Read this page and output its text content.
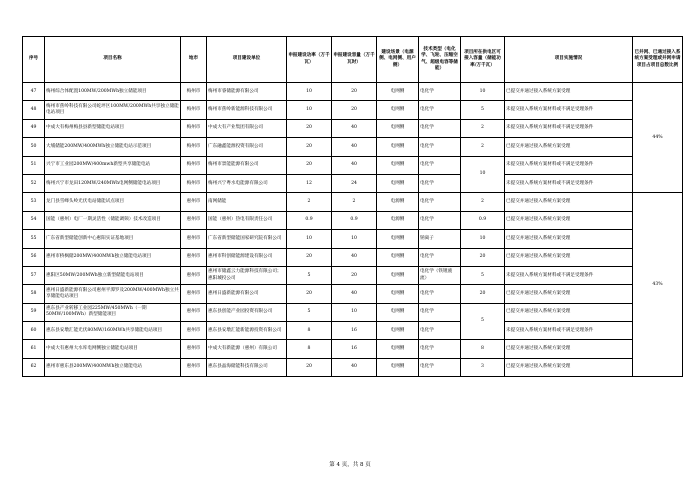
序号	项目名称	地市	项目建设单位	申报建设功率（万千瓦）	申报建设容量（万千瓦时）	建设场景（电源侧、电网侧、用户侧）	技术类型（电化学、飞轮、压缩空气、超级电容等储能）	项目所在供电区可接入容量（储能功率/万千瓦）	项目实施情况	已并网、已通过接入系统方案受理或并网申请项目占项目总数比例
47	梅州综合体配置100MW/200MWh独立储能项目	梅州市	梅州市睿储能源有限公司	10	20	电网侧	电化学	10	已提交并通过接入系统方案受理	44%
48	梅州市蕉岭科技有限公司蛇坪区100MW/200MWh共享独立储能电站项目	梅州市	梅州市蕉岭新能源科技有限公司	10	20	电网侧	电化学	5	未提交接入系统方案材料或不满足受理条件	
49	中成大有梅州梅县县新型储能电站项目	梅州市	中成大有产业集团有限公司	20	40	电网侧	电化学	2	未提交接入系统方案材料或不满足受理条件	
50	大埔储能200MW/400MWh独立储能电站示范项目	梅州市	广东融鑫能源投资有限公司	20	40	电网侧	电化学	2	已提交并通过接入系统方案受理	
51	兴宁市工业园200MW/400mwh新型共享储能电站	梅州市	梅州市景能能源有限公司	20	40	电网侧	电化学	10	未提交接入系统方案材料或不满足受理条件	
52	梅州兴宁市龙田120MW/240MWh电网侧储能电站项目	梅州市	梅州兴宁粤水电能源有限公司	12	24	电网侧	电化学		未提交接入系统方案材料或不满足受理条件	
53	龙门县雪峰头岭光伏电站储能试点项目	惠州市	南网储能	2	2	电源侧	电化学	2	已提交并通过接入系统方案受理	43%
54	国能（惠州）电厂一期灵活性（储能调频）技术改造项目	惠州市	国能（惠州）热电有限责任公司	0.9	0.9	电源侧	电化学	0.9	已提交并通过接入系统方案受理	
55	广东省新型储能创新中心惠阳实证基地项目	惠州市	广东省新型储能国家研究院有限公司	10	10	电网侧	钠离子	10	已提交并通过接入系统方案受理	
56	惠州市桥枫储200MW/400MWh独立储能电站项目	惠州市	惠州市科创储能源建设有限公司	20	40	电网侧	电化学	20	已提交并通过接入系统方案受理	
57	惠阳区50MW/200MWh独立新型储能电站项目	惠州市	惠州市储鑫云力能源科技有限公司；惠阳城投公司	5	20	电网侧	电化学（铁锂液流）	5	未提交接入系统方案材料或不满足受理条件	
58	惠州日盛新能源有限公司惠州平潭罗及200MW/400MWh独立共享储能电站项目	惠州市	惠州日盛新能源有限公司	20	40	电网侧	电化学	20	已提交并通过接入系统方案受理	
59	惠东县产业转移工业园225MW/450MWh（一期50MW/100MWh）新型储能项目	惠州市	惠东县创能产业园投资有限公司	5	10	电网侧	电化学	5	已提交并通过接入系统方案受理	
60	惠东县安墩汇能光伏80MW/160MWh共享储能电站项目	惠州市	惠东县安墩汇能新能源投资有限公司	8	16	电网侧	电化学		未提交接入系统方案材料或不满足受理条件	
61	中成大有惠州大水库电网侧独立储能电站项目	惠州市	中成大有新能源（惠州）有限公司	8	16	电网侧	电化学	8	已提交并通过接入系统方案受理	
62	惠州市惠东县200MW/400MWh独立储能电站	惠州市	惠东县晶海储能科技有限公司	20	40	电网侧	电化学	3	已提交并通过接入系统方案受理	
第 4 页，共 8 页
